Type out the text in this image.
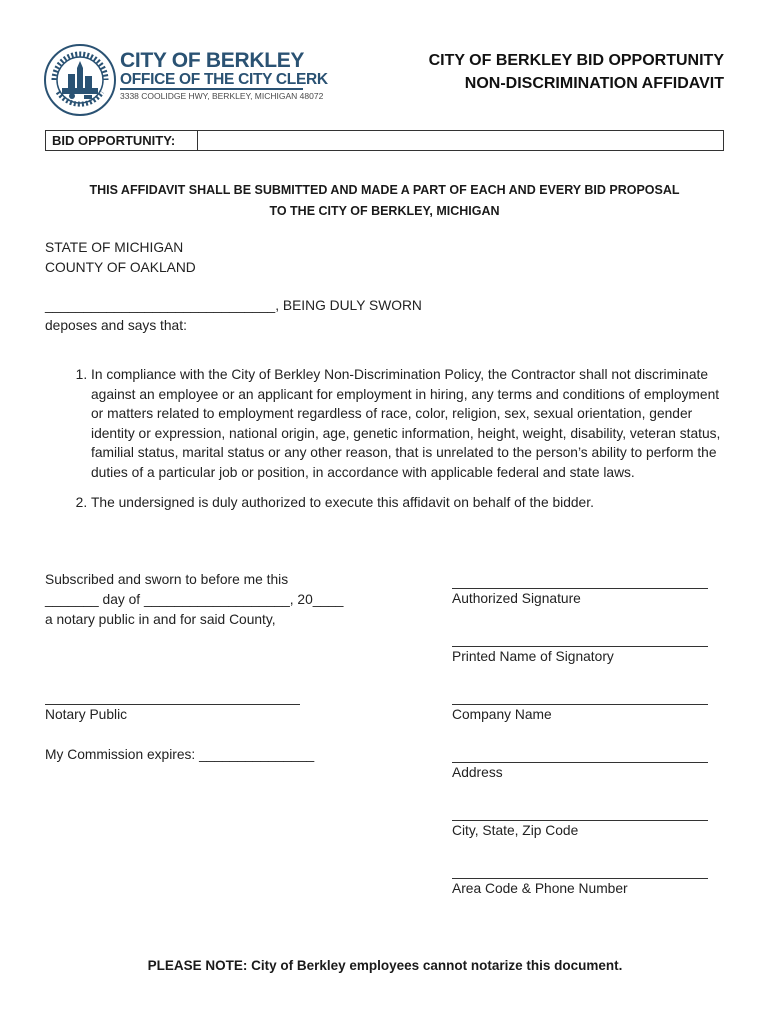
CITY OF BERKLEY
OFFICE OF THE CITY CLERK
3338 COOLIDGE HWY, BERKLEY, MICHIGAN 48072
CITY OF BERKLEY BID OPPORTUNITY
NON-DISCRIMINATION AFFIDAVIT
BID OPPORTUNITY:
THIS AFFIDAVIT SHALL BE SUBMITTED AND MADE A PART OF EACH AND EVERY BID PROPOSAL
TO THE CITY OF BERKLEY, MICHIGAN
STATE OF MICHIGAN
COUNTY OF OAKLAND
______________________________, BEING DULY SWORN
deposes and says that:
1. In compliance with the City of Berkley Non-Discrimination Policy, the Contractor shall not discriminate against an employee or an applicant for employment in hiring, any terms and conditions of employment or matters related to employment regardless of race, color, religion, sex, sexual orientation, gender identity or expression, national origin, age, genetic information, height, weight, disability, veteran status, familial status, marital status or any other reason, that is unrelated to the person’s ability to perform the duties of a particular job or position, in accordance with applicable federal and state laws.
2. The undersigned is duly authorized to execute this affidavit on behalf of the bidder.
Subscribed and sworn to before me this
_______ day of ___________________, 20____
a notary public in and for said County,
Notary Public
My Commission expires: _______________
Authorized Signature
Printed Name of Signatory
Company Name
Address
City, State, Zip Code
Area Code & Phone Number
PLEASE NOTE: City of Berkley employees cannot notarize this document.
